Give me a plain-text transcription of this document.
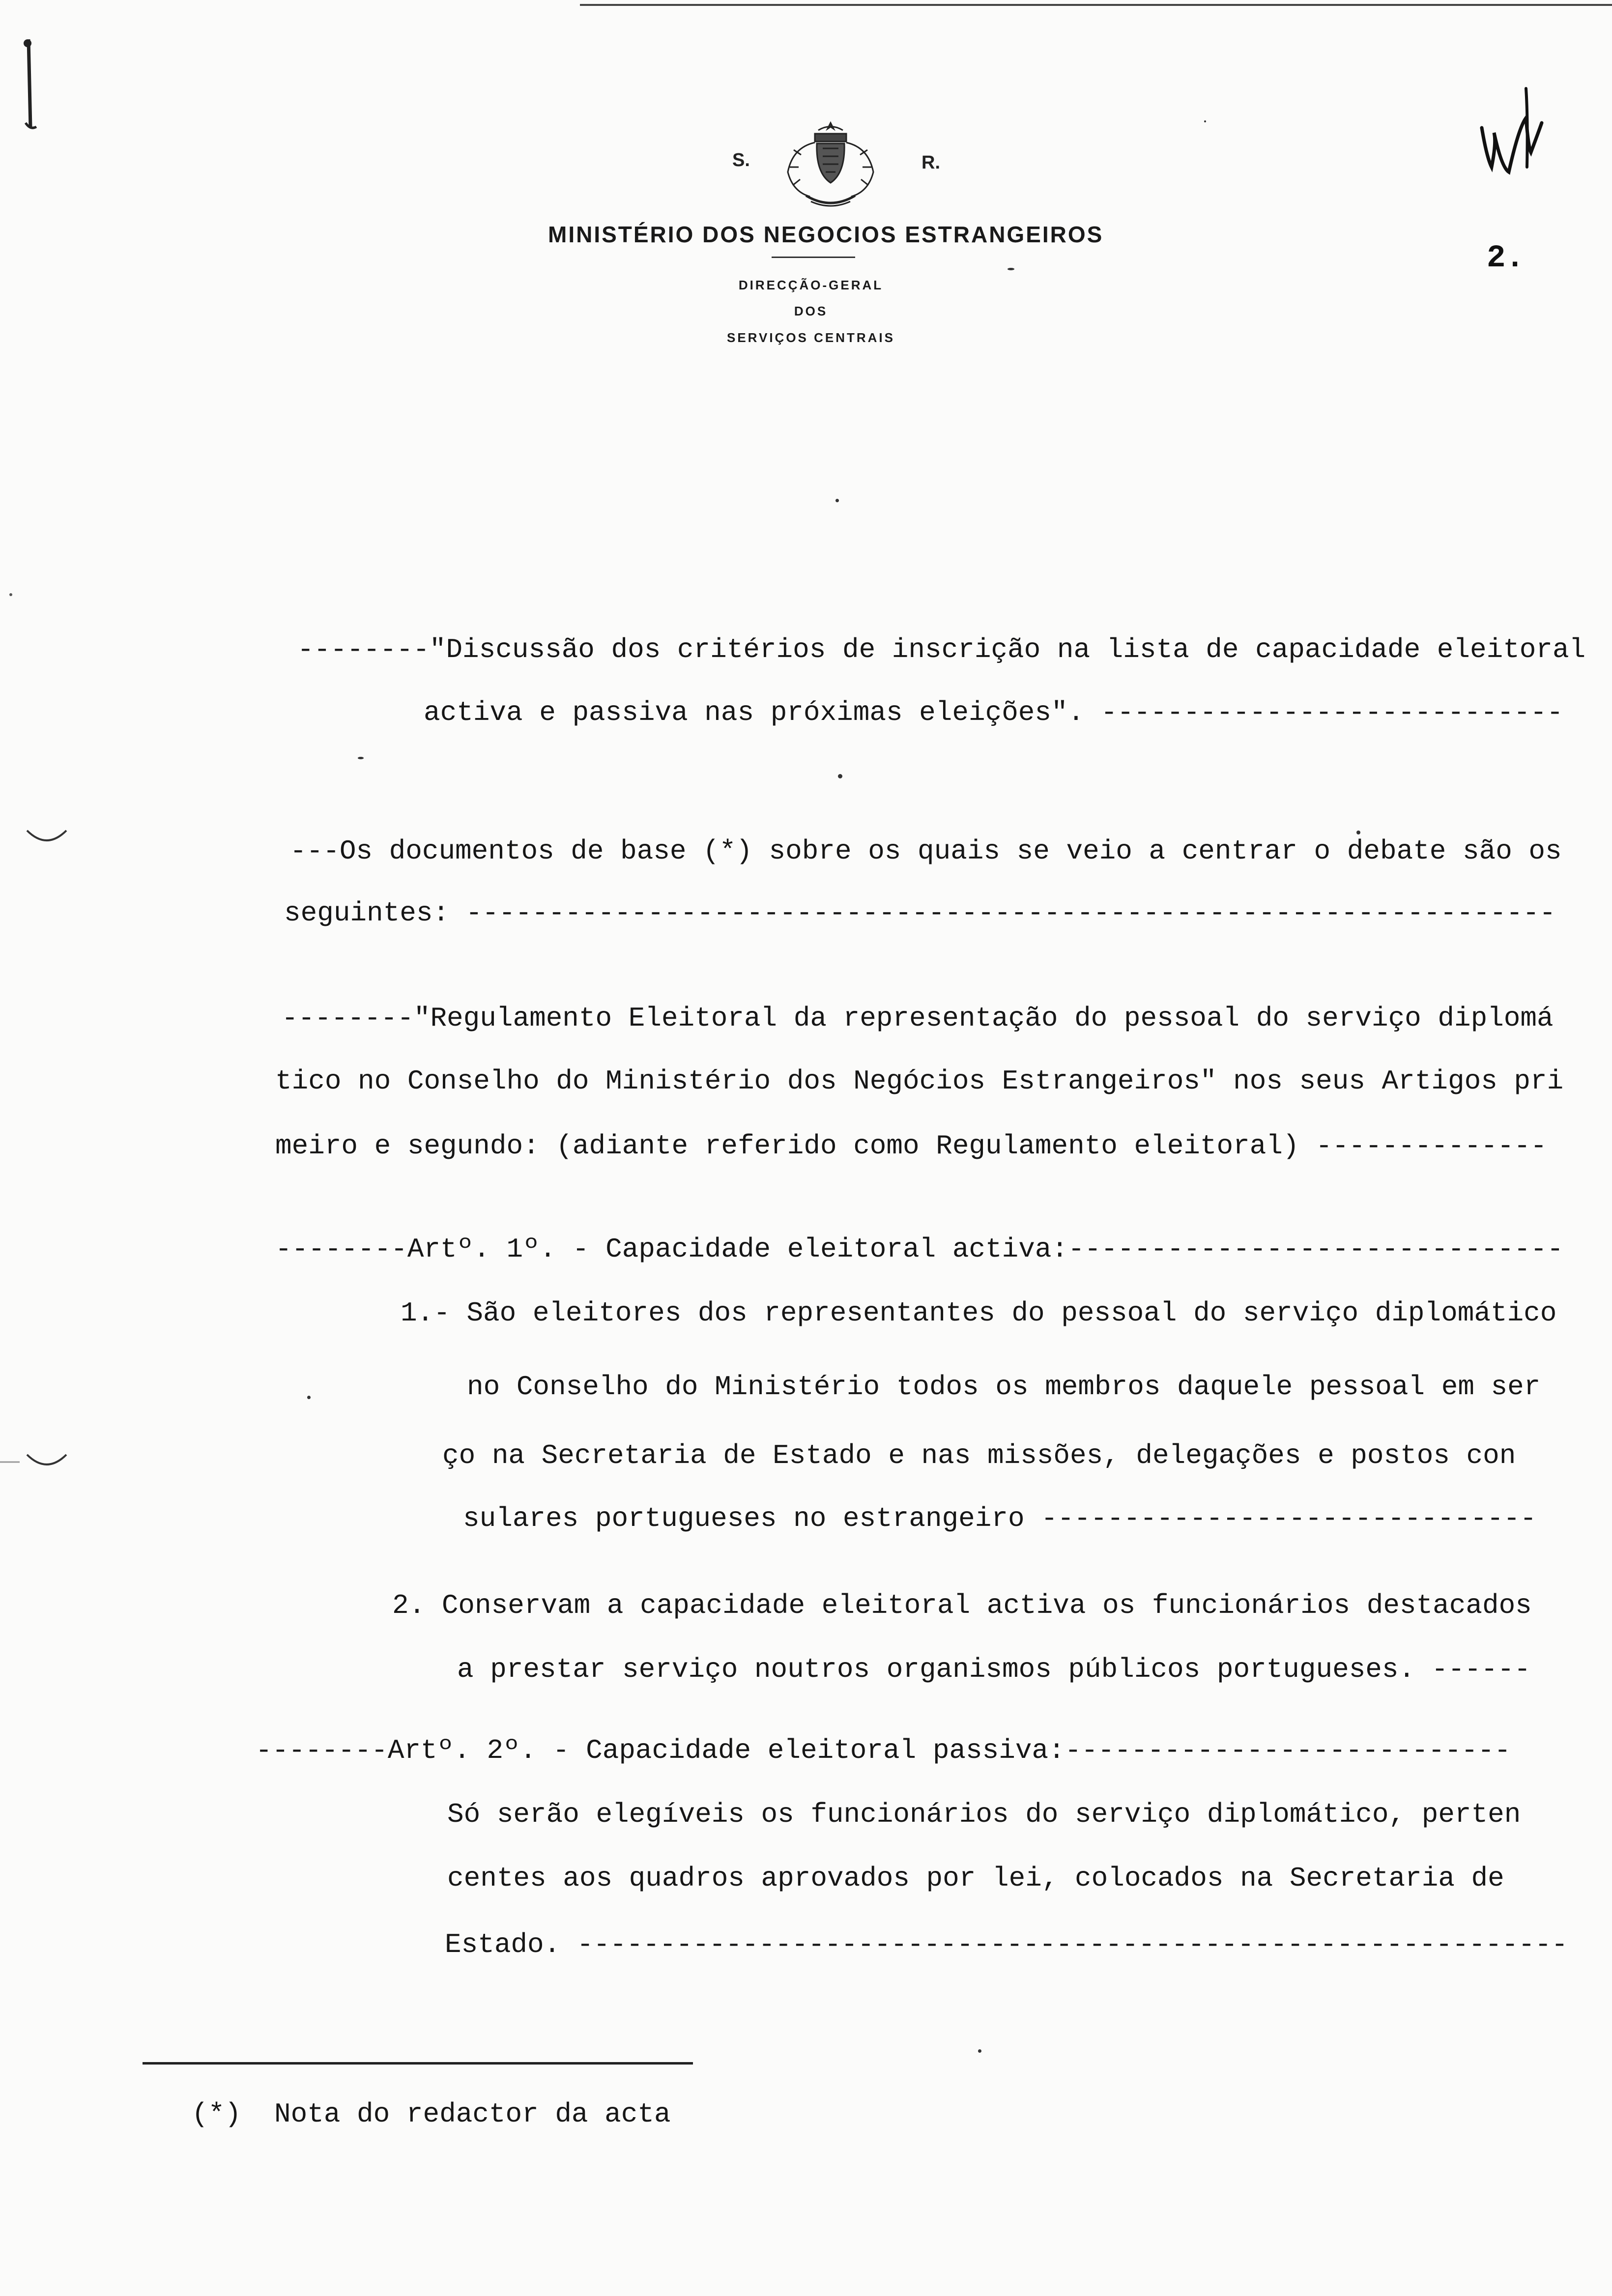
S.	R.
MINISTÉRIO DOS NEGOCIOS ESTRANGEIROS
DIRECÇÃO-GERAL
DOS
SERVIÇOS CENTRAIS
2.
--------"Discussão dos critérios de inscrição na lista de capacidade eleitoral
activa e passiva nas próximas eleições". ----------------------------
---Os documentos de base (*) sobre os quais se veio a centrar o debate são os
seguintes: ------------------------------------------------------------------
--------"Regulamento Eleitoral da representação do pessoal do serviço diplomá
tico no Conselho do Ministério dos Negócios Estrangeiros" nos seus Artigos pri
meiro e segundo: (adiante referido como Regulamento eleitoral) --------------
--------Artº. 1º. - Capacidade eleitoral activa:------------------------------
1.- São eleitores dos representantes do pessoal do serviço diplomático
no Conselho do Ministério todos os membros daquele pessoal em ser
ço na Secretaria de Estado e nas missões, delegações e postos con
sulares portugueses no estrangeiro ------------------------------
2. Conservam a capacidade eleitoral activa os funcionários destacados
a prestar serviço noutros organismos públicos portugueses. ------
--------Artº. 2º. - Capacidade eleitoral passiva:---------------------------
Só serão elegíveis os funcionários do serviço diplomático, perten
centes aos quadros aprovados por lei, colocados na Secretaria de
Estado. ------------------------------------------------------------
(*)  Nota do redactor da acta
